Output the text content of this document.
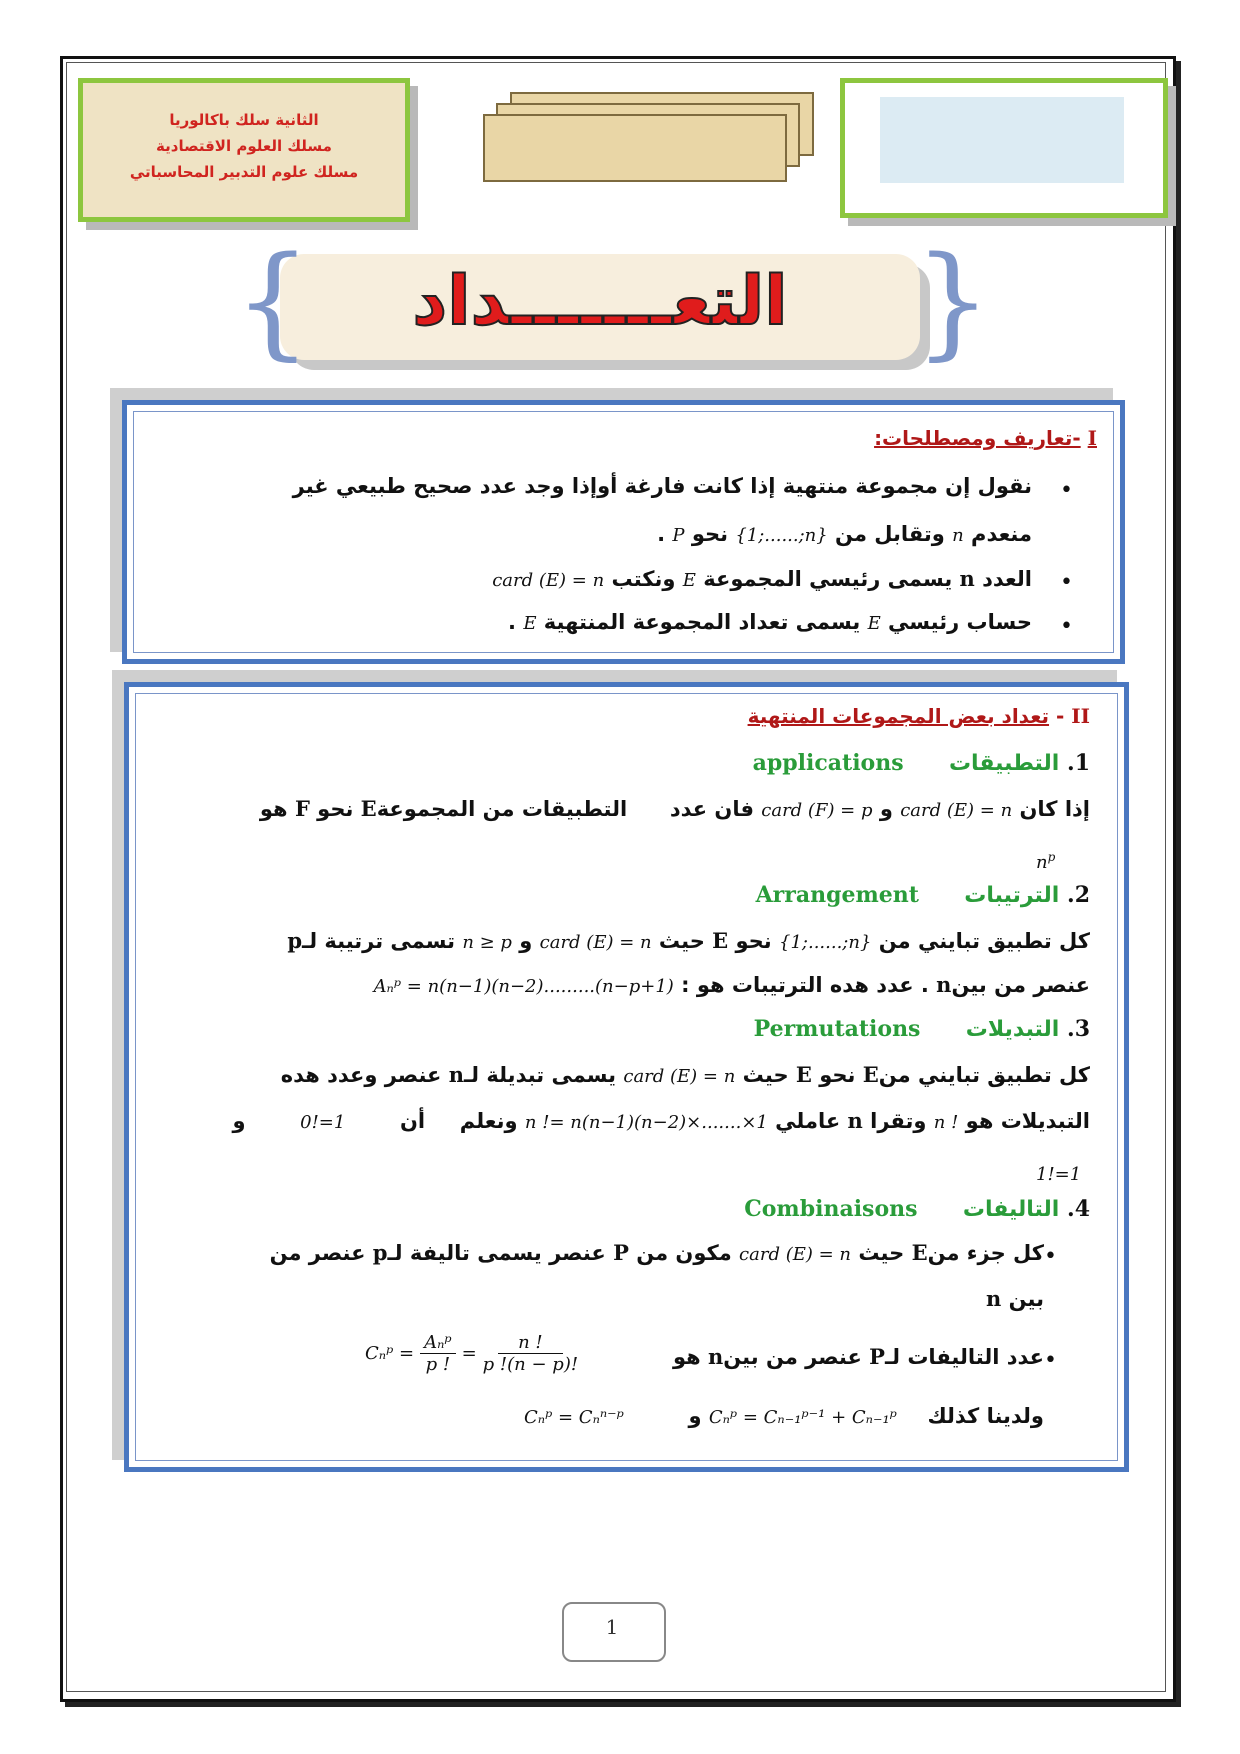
الثانية سلك باكالوريا
مسلك العلوم الاقتصادية
مسلك علوم التدبير المحاسباتي
{	}
التعـــــــداد
I -تعاريف ومصطلحات:
•
نقول إن مجموعة منتهية إذا كانت فارغة أوإذا وجد عدد صحيح طبيعي غير
منعدم n وتقابل من {1;......;n} نحو P .
•
العدد n يسمى رئيسي المجموعة E ونكتب card (E) = n
•
حساب رئيسي E يسمى تعداد المجموعة المنتهية E .
II - تعداد بعض المجموعات المنتهية
1. التطبيقات  applications
إذا كان card (E) = n و card (F) = p فان عدد  التطبيقات من المجموعةE نحو F هو
$n^p$
2. الترتيبات  Arrangement
كل تطبيق تبايني من {1;......;n} نحو E حيث card (E) = n و n ≥ p تسمى ترتيبة لـp
عنصر من بينn . عدد هده الترتيبات هو : Aₙᵖ = n(n−1)(n−2).........(n−p+1)
3. التبديلات  Permutations
كل تطبيق تبايني منE نحو E حيث card (E) = n يسمى تبديلة لـn عنصر وعدد هده
التبديلات هو n ! وتقرا n عاملي n != n(n−1)(n−2)×.......×1 ونعلم  أن  0!=1  و
1!=1
4. التاليفات  Combinaisons
•
كل جزء منE حيث card (E) = n مكون من P عنصر يسمى تاليفة لـp عنصر من
بين n
•
عدد التاليفات لـP عنصر من بينn هو
Cₙᵖ =
Aₙᵖ
p !
= $\frac{n !}{p !(n - p)!}$
ولدينا كذلك  Cₙᵖ = Cₙ₋₁ᵖ⁻¹ + Cₙ₋₁ᵖ و  Cₙᵖ = Cₙⁿ⁻ᵖ
1
